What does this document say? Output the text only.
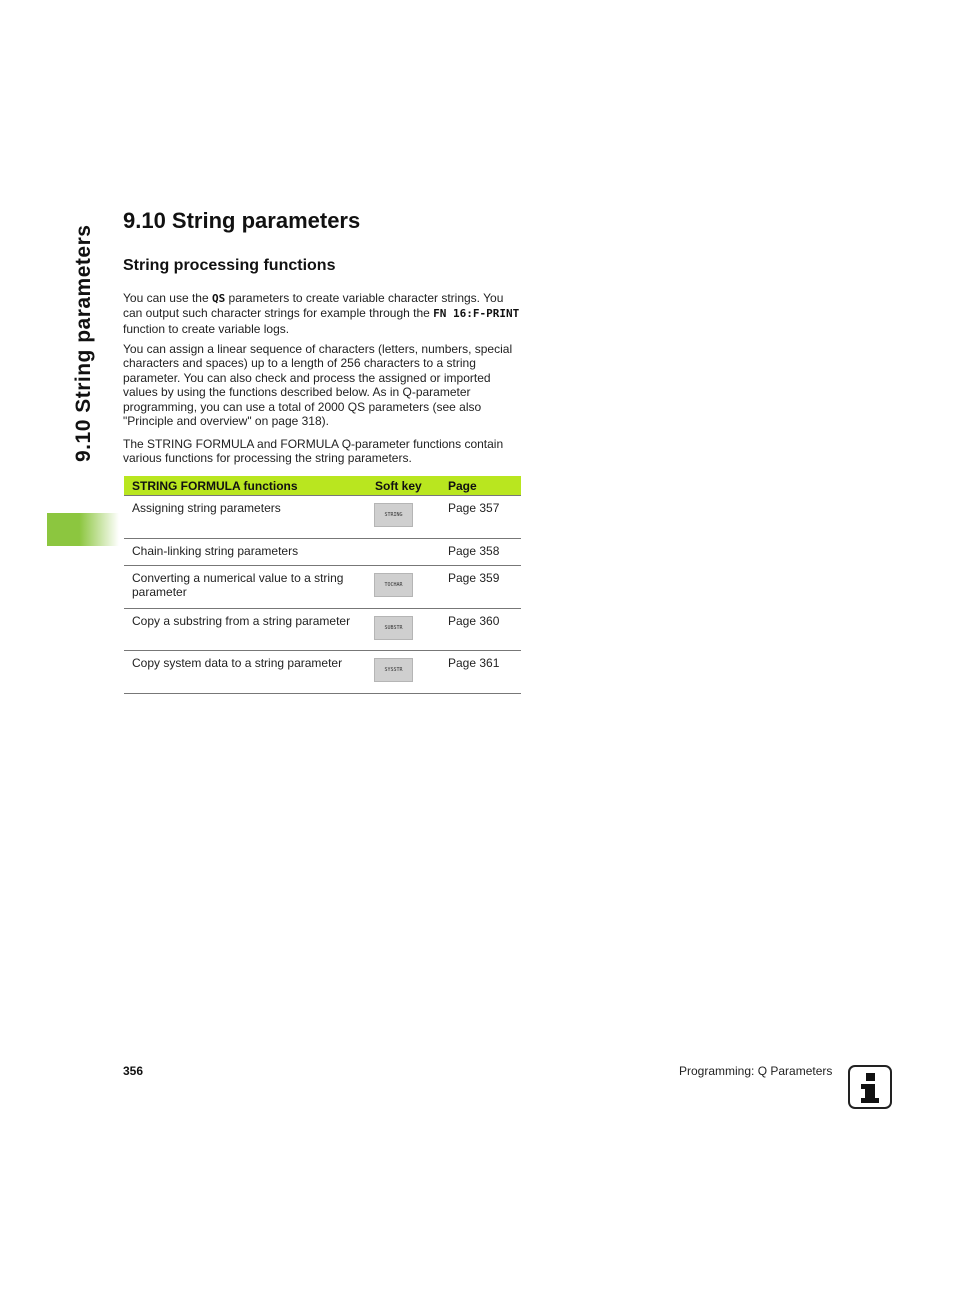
9.10 String parameters
9.10 String parameters
String processing functions

You can use the QS parameters to create variable character strings. You can output such character strings for example through the FN 16:F-PRINT function to create variable logs.

You can assign a linear sequence of characters (letters, numbers, special characters and spaces) up to a length of 256 characters to a string parameter. You can also check and process the assigned or imported values by using the functions described below. As in Q-parameter programming, you can use a total of 2000 QS parameters (see also "Principle and overview" on page 318).

The STRING FORMULA and FORMULA Q-parameter functions contain various functions for processing the string parameters.

STRING FORMULA functions	Soft key	Page
Assigning string parameters	STRING	Page 357
Chain-linking string parameters		Page 358
Converting a numerical value to a string parameter	TOCHAR	Page 359
Copy a substring from a string parameter	SUBSTR	Page 360
Copy system data to a string parameter	SYSSTR	Page 361
356	Programming: Q Parameters
